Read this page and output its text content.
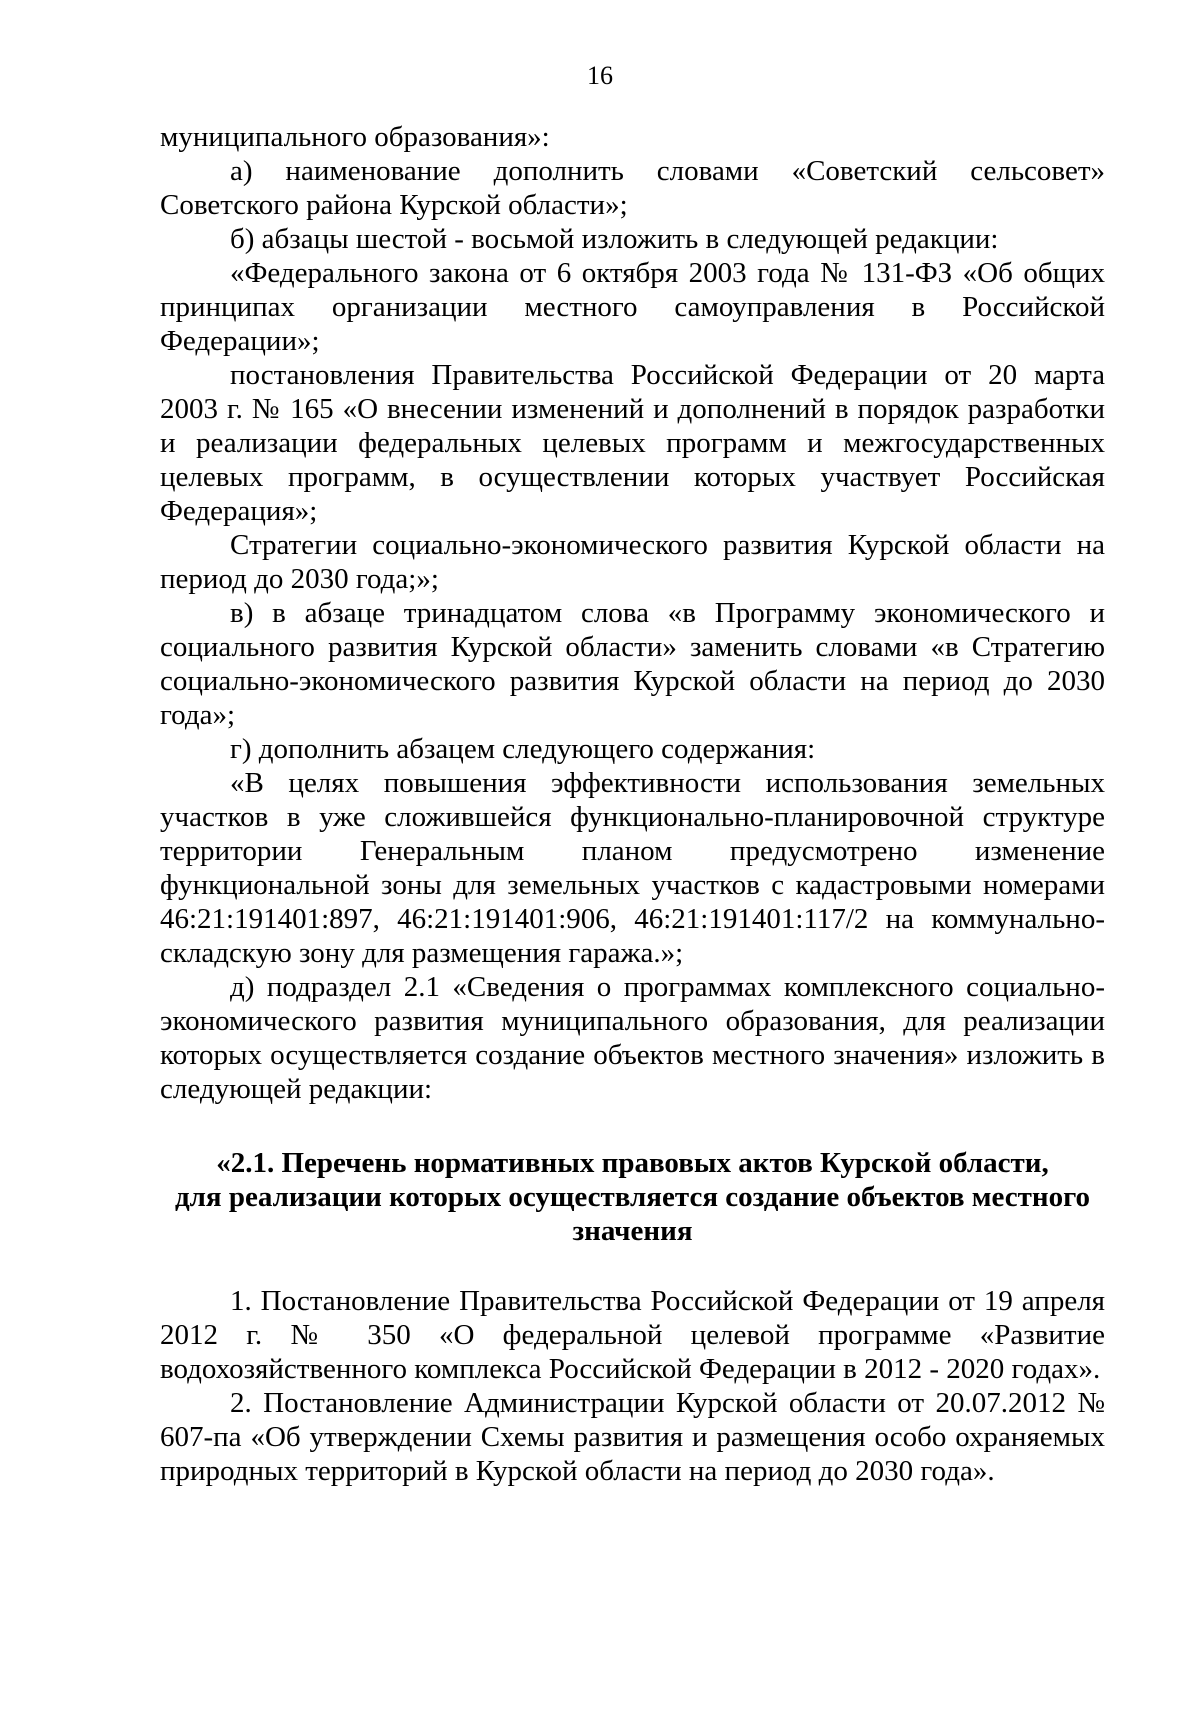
16

муниципального образования»:

а) наименование дополнить словами «Советский сельсовет» Советского района Курской области»;

б) абзацы шестой - восьмой изложить в следующей редакции:

«Федерального закона от 6 октября 2003 года № 131-ФЗ «Об общих принципах организации местного самоуправления в Российской Федерации»;

постановления Правительства Российской Федерации от 20 марта 2003 г. № 165 «О внесении изменений и дополнений в порядок разработки и реализации федеральных целевых программ и межгосударственных целевых программ, в осуществлении которых участвует Российская Федерация»;

Стратегии социально-экономического развития Курской области на период до 2030 года;»;

в) в абзаце тринадцатом слова «в Программу экономического и социального развития Курской области» заменить словами «в Стратегию социально-экономического развития Курской области на период до 2030 года»;

г) дополнить абзацем следующего содержания:

«В целях повышения эффективности использования земельных участков в уже сложившейся функционально-планировочной структуре территории Генеральным планом предусмотрено изменение функциональной зоны для земельных участков с кадастровыми номерами 46:21:191401:897, 46:21:191401:906, 46:21:191401:117/2 на коммунально-складскую зону для размещения гаража.»;

д) подраздел 2.1 «Сведения о программах комплексного социально-экономического развития муниципального образования, для реализации которых осуществляется создание объектов местного значения» изложить в следующей редакции:

«2.1. Перечень нормативных правовых актов Курской области,
для реализации которых осуществляется создание объектов местного
значения

1. Постановление Правительства Российской Федерации от 19 апреля 2012 г. № 350 «О федеральной целевой программе «Развитие водохозяйственного комплекса Российской Федерации в 2012 - 2020 годах».

2. Постановление Администрации Курской области от 20.07.2012 № 607-па «Об утверждении Схемы развития и размещения особо охраняемых природных территорий в Курской области на период до 2030 года».
